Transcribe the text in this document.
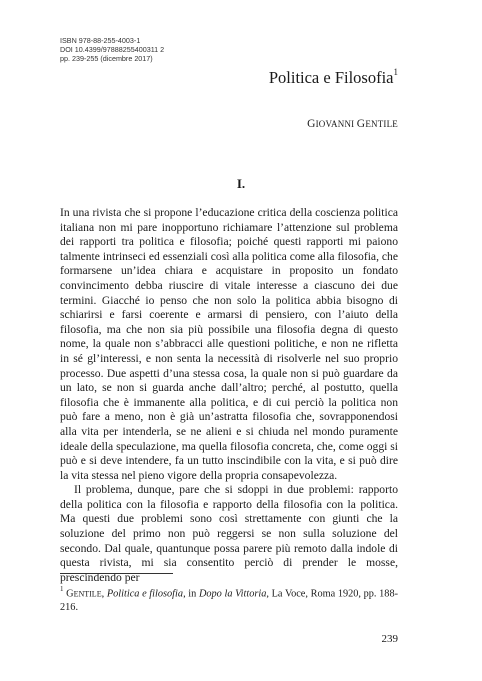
ISBN 978-88-255-4003-1
DOI 10.4399/97888255400311 2
pp. 239-255 (dicembre 2017)
Politica e Filosofia$^1$
GIOVANNI GENTILE
I.

In una rivista che si propone l’educazione critica della coscienza politica italiana non mi pare inopportuno richiamare l’attenzione sul problema dei rapporti tra politica e filosofia; poiché questi rapporti mi paiono talmente intrinseci ed essenziali così alla politica come alla filosofia, che formarsene un’idea chiara e acquistare in proposito un fondato convincimento debba riuscire di vitale interesse a ciascuno dei due termini. Giacché io penso che non solo la politica abbia bisogno di schiarirsi e farsi coerente e armarsi di pensiero, con l’aiuto della filosofia, ma che non sia più possibile una filosofia degna di questo nome, la quale non s’abbracci alle questioni politiche, e non ne rifletta in sé gl’interessi, e non senta la necessità di risolverle nel suo proprio processo. Due aspetti d’una stessa cosa, la quale non si può guardare da un lato, se non si guarda anche dall’altro; perché, al postutto, quella filosofia che è immanente alla politica, e di cui perciò la politica non può fare a meno, non è già un’astratta filosofia che, sovrapponendosi alla vita per intenderla, se ne alieni e si chiuda nel mondo puramente ideale della speculazione, ma quella filosofia concreta, che, come oggi si può e si deve intendere, fa un tutto inscindibile con la vita, e si può dire la vita stessa nel pieno vigore della propria consapevolezza.

Il problema, dunque, pare che si sdoppi in due problemi: rapporto della politica con la filosofia e rapporto della filosofia con la politica. Ma questi due problemi sono così strettamente con giunti che la soluzione del primo non può reggersi se non sulla soluzione del secondo. Dal quale, quantunque possa parere più remoto dalla indole di questa rivista, mi sia consentito perciò di prender le mosse, prescindendo per

$^1$ GENTILE, Politica e filosofia, in Dopo la Vittoria, La Voce, Roma 1920, pp. 188-216.
239
